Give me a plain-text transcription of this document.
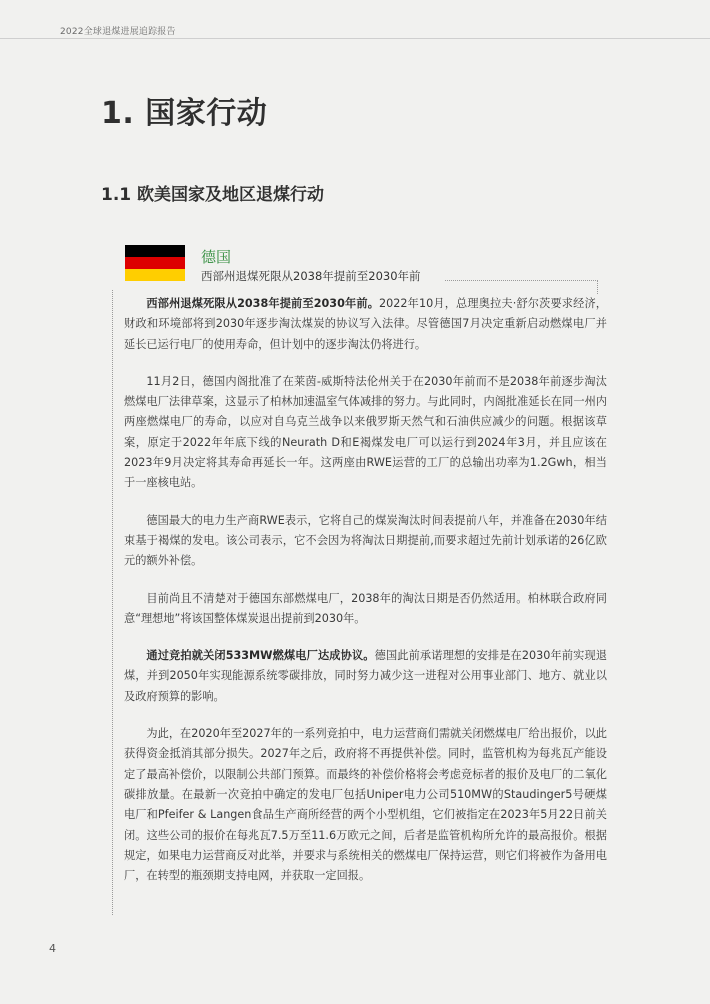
2022全球退煤进展追踪报告
1. 国家行动
1.1 欧美国家及地区退煤行动
德国

西部州退煤死限从2038年提前至2030年前

西部州退煤死限从2038年提前至2030年前。2022年10月，总理奥拉夫·舒尔茨要求经济，财政和环境部将到2030年逐步淘汰煤炭的协议写入法律。尽管德国7月决定重新启动燃煤电厂并延长已运行电厂的使用寿命，但计划中的逐步淘汰仍将进行。

11月2日，德国内阁批准了在莱茵-威斯特法伦州关于在2030年前而不是2038年前逐步淘汰燃煤电厂法律草案，这显示了柏林加速温室气体减排的努力。与此同时，内阁批准延长在同一州内两座燃煤电厂的寿命，以应对自乌克兰战争以来俄罗斯天然气和石油供应减少的问题。根据该草案，原定于2022年年底下线的Neurath D和E褐煤发电厂可以运行到2024年3月，并且应该在2023年9月决定将其寿命再延长一年。这两座由RWE运营的工厂的总输出功率为1.2Gwh，相当于一座核电站。

德国最大的电力生产商RWE表示，它将自己的煤炭淘汰时间表提前八年，并准备在2030年结束基于褐煤的发电。该公司表示，它不会因为将淘汰日期提前,而要求超过先前计划承诺的26亿欧元的额外补偿。

目前尚且不清楚对于德国东部燃煤电厂，2038年的淘汰日期是否仍然适用。柏林联合政府同意“理想地”将该国整体煤炭退出提前到2030年。

通过竞拍就关闭533MW燃煤电厂达成协议。德国此前承诺理想的安排是在2030年前实现退煤，并到2050年实现能源系统零碳排放，同时努力减少这一进程对公用事业部门、地方、就业以及政府预算的影响。

为此，在2020年至2027年的一系列竞拍中，电力运营商们需就关闭燃煤电厂给出报价，以此获得资金抵消其部分损失。2027年之后，政府将不再提供补偿。同时，监管机构为每兆瓦产能设定了最高补偿价，以限制公共部门预算。而最终的补偿价格将会考虑竞标者的报价及电厂的二氧化碳排放量。在最新一次竞拍中确定的发电厂包括Uniper电力公司510MW的Staudinger5号硬煤电厂和Pfeifer & Langen食品生产商所经营的两个小型机组，它们被指定在2023年5月22日前关闭。这些公司的报价在每兆瓦7.5万至11.6万欧元之间，后者是监管机构所允许的最高报价。根据规定，如果电力运营商反对此举，并要求与系统相关的燃煤电厂保持运营，则它们将被作为备用电厂，在转型的瓶颈期支持电网，并获取一定回报。

4
